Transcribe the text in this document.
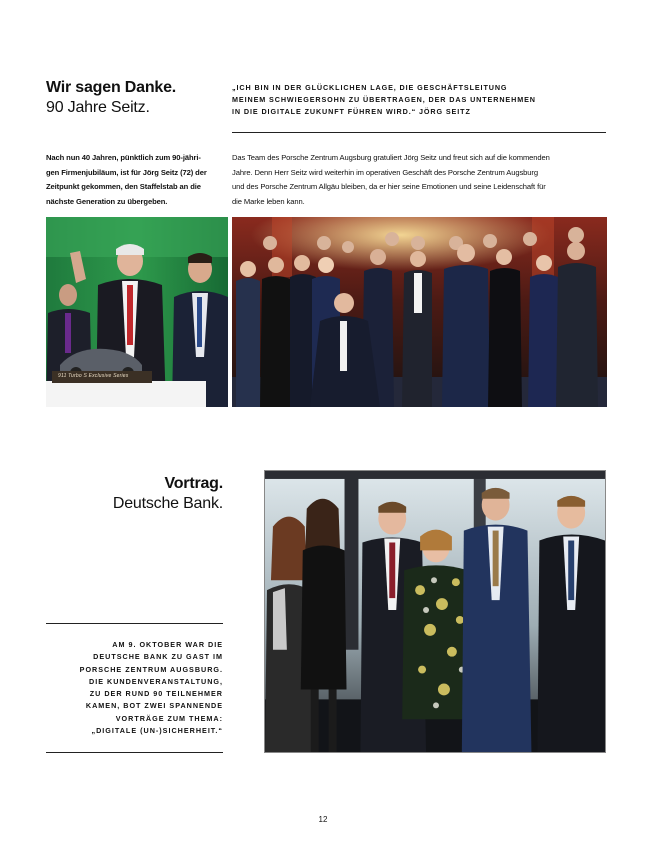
Wir sagen Danke.
90 Jahre Seitz.
„ICH BIN IN DER GLÜCKLICHEN LAGE, DIE GESCHÄFTSLEITUNG
MEINEM SCHWIEGERSOHN ZU ÜBERTRAGEN, DER DAS UNTERNEHMEN
IN DIE DIGITALE ZUKUNFT FÜHREN WIRD.“ JÖRG SEITZ
Nach nun 40 Jahren, pünktlich zum 90-jähri-
gen Firmenjubiläum, ist für Jörg Seitz (72) der
Zeitpunkt gekommen, den Staffelstab an die
nächste Generation zu übergeben.
Das Team des Porsche Zentrum Augsburg gratuliert Jörg Seitz und freut sich auf die kommenden
Jahre. Denn Herr Seitz wird weiterhin im operativen Geschäft des Porsche Zentrum Augsburg
und des Porsche Zentrum Allgäu bleiben, da er hier seine Emotionen und seine Leidenschaft für
die Marke leben kann.
911 Turbo S Exclusive Series
Vortrag.
Deutsche Bank.
AM 9. OKTOBER WAR DIE
DEUTSCHE BANK ZU GAST IM
PORSCHE ZENTRUM AUGSBURG.
DIE KUNDENVERANSTALTUNG,
ZU DER RUND 90 TEILNEHMER
KAMEN, BOT ZWEI SPANNENDE
VORTRÄGE ZUM THEMA:
„DIGITALE (UN-)SICHERHEIT.“
12
